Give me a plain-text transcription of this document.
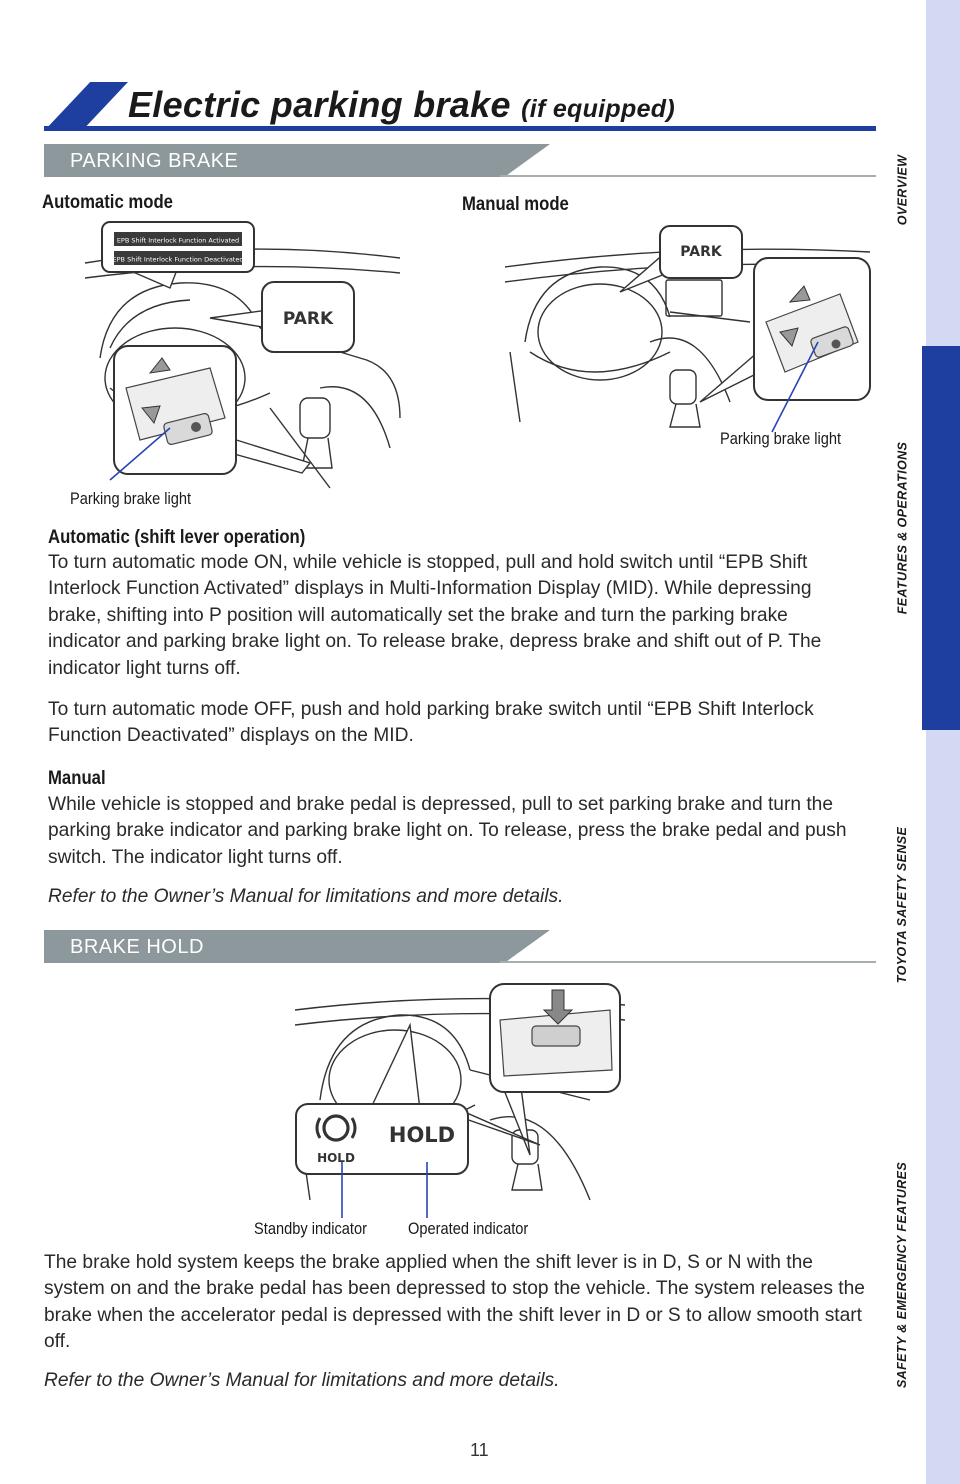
OVERVIEW
FEATURES & OPERATIONS
TOYOTA SAFETY SENSE
SAFETY & EMERGENCY FEATURES
Electric parking brake (if equipped)
PARKING BRAKE
Automatic mode	Manual mode
EPB Shift Interlock Function Activated
EPB Shift Interlock Function Deactivated
PARK
Parking brake light
PARK
Parking brake light
Automatic (shift lever operation)
To turn automatic mode ON, while vehicle is stopped, pull and hold switch until “EPB Shift Interlock Function Activated” displays in Multi-Information Display (MID). While depressing brake, shifting into P position will automatically set the brake and turn the parking brake indicator and parking brake light on. To release brake, depress brake and shift out of P. The indicator light turns off.
To turn automatic mode OFF, push and hold parking brake switch until “EPB Shift Interlock Function Deactivated” displays on the MID.
Manual
While vehicle is stopped and brake pedal is depressed, pull to set parking brake and turn the parking brake indicator and parking brake light on. To release, press the brake pedal and push switch. The indicator light turns off.
Refer to the Owner’s Manual for limitations and more details.
BRAKE HOLD
HOLD
HOLD
Standby indicator Operated indicator
The brake hold system keeps the brake applied when the shift lever is in D, S or N with the system on and the brake pedal has been depressed to stop the vehicle. The system releases the brake when the accelerator pedal is depressed with the shift lever in D or S to allow smooth start off.
Refer to the Owner’s Manual for limitations and more details.
11
